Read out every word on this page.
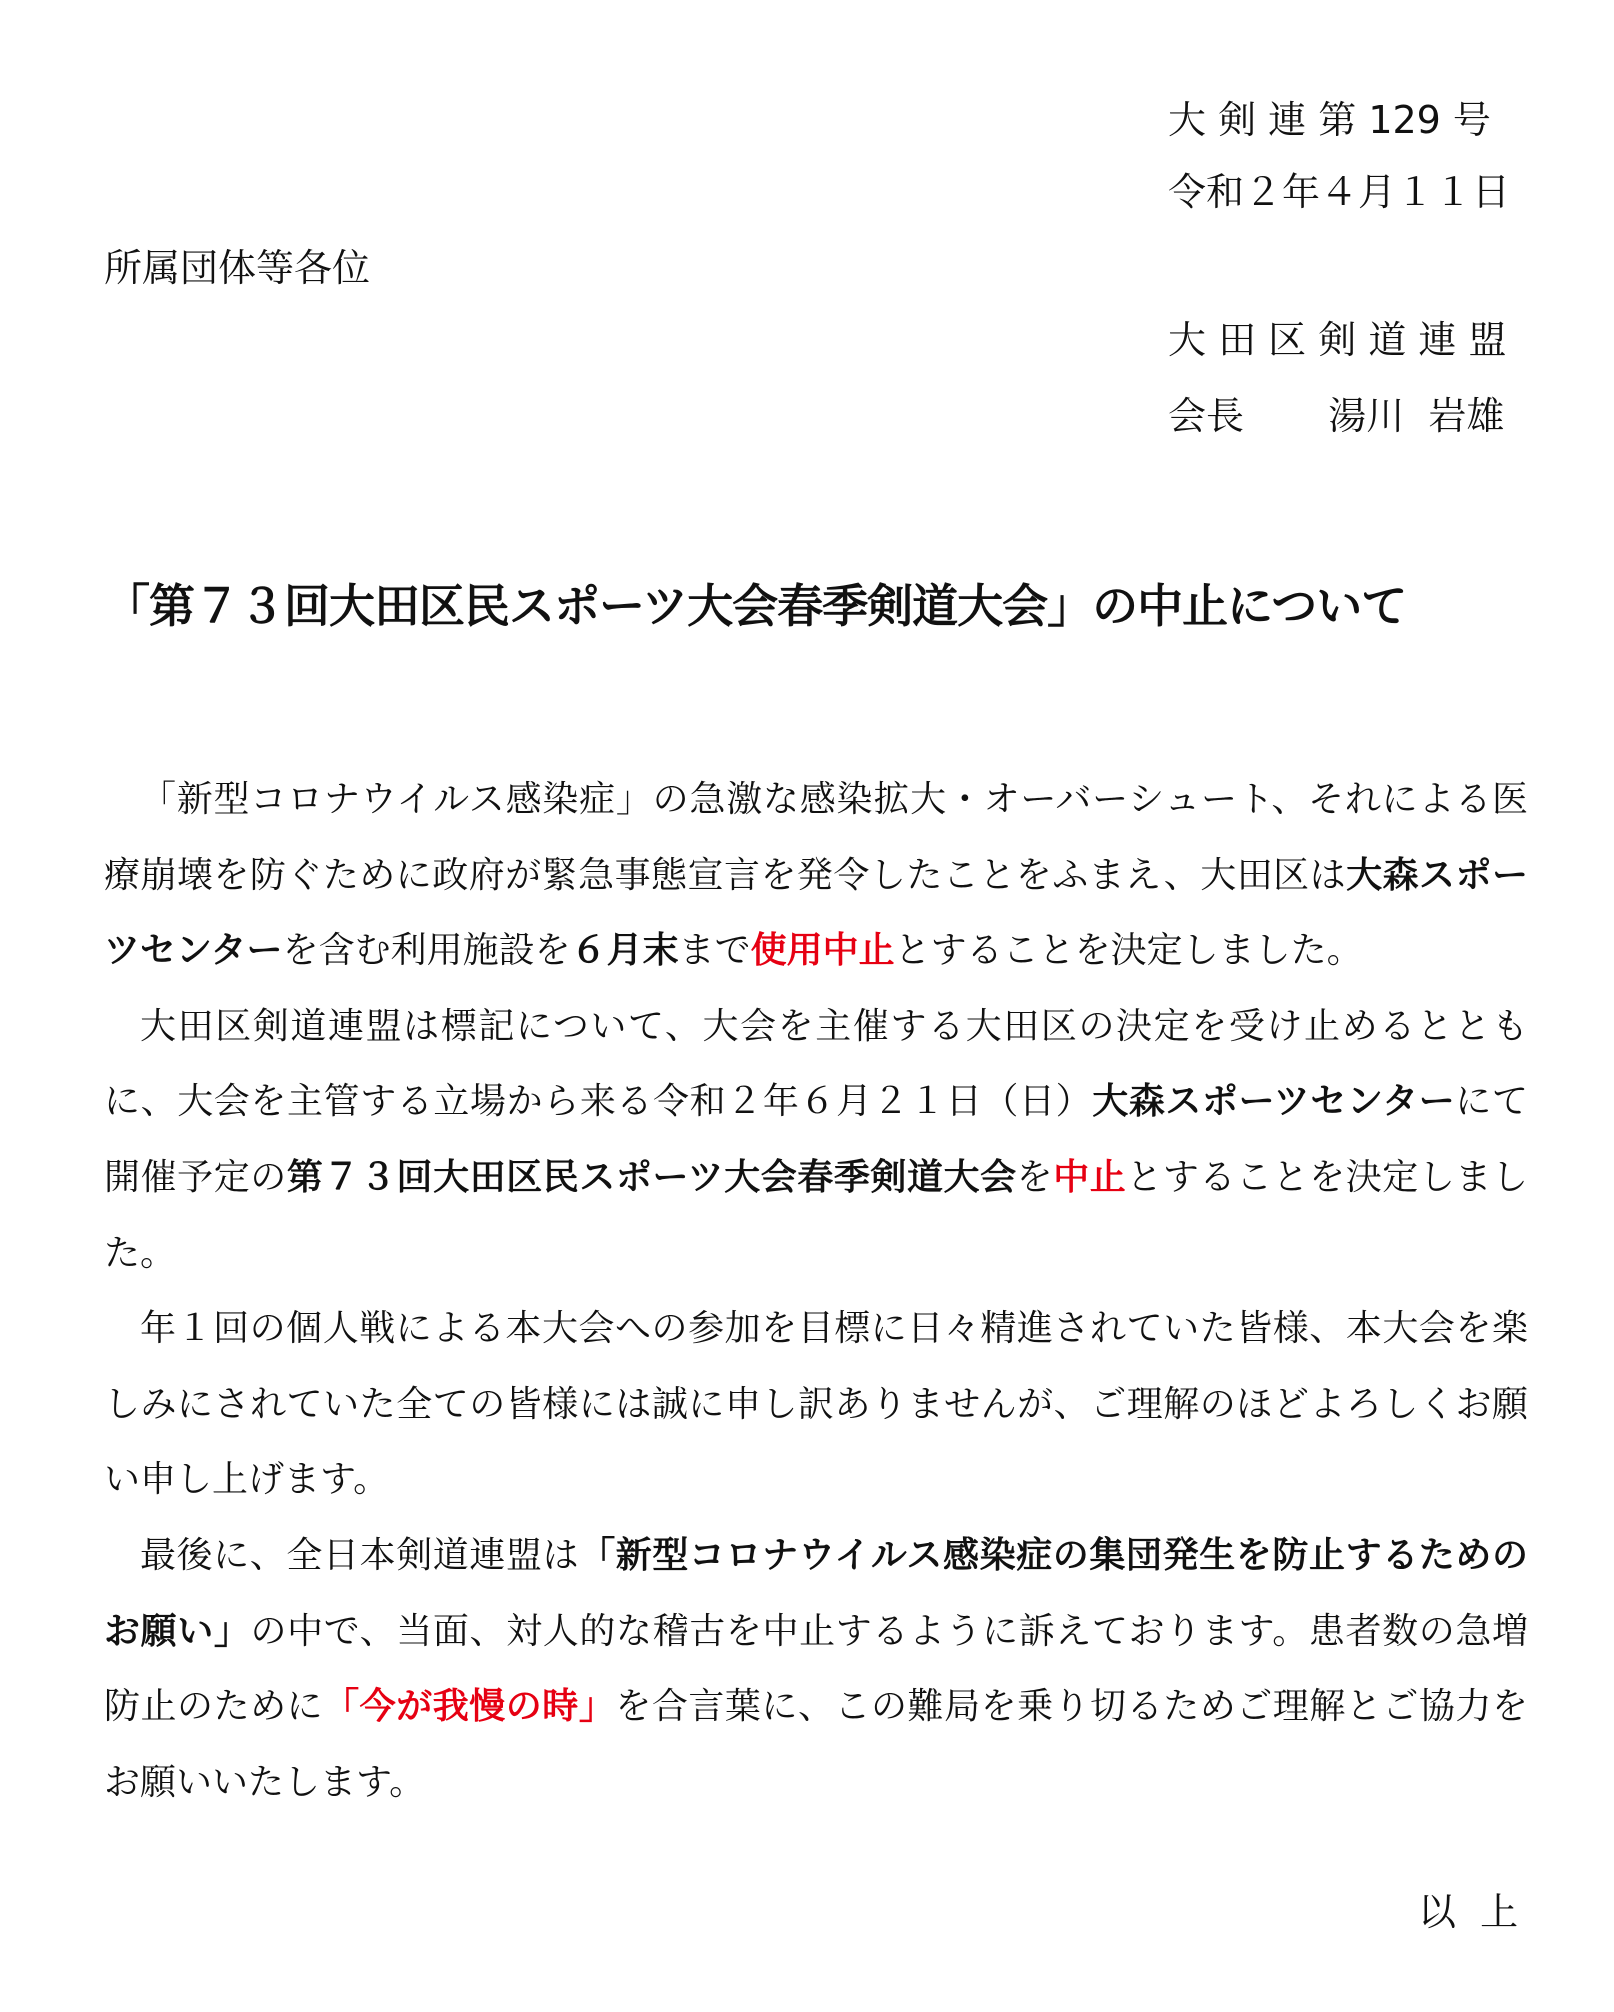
大 剣 連 第 129 号
令和２年４月１１日
所属団体等各位
大 田 区 剣 道 連 盟
会長 湯川  岩雄
「第７３回大田区民スポーツ大会春季剣道大会」の中止について

「新型コロナウイルス感染症」の急激な感染拡大・オーバーシュート、それによる医療崩壊を防ぐために政府が緊急事態宣言を発令したことをふまえ、大田区は大森スポーツセンターを含む利用施設を６月末まで使用中止とすることを決定しました。

大田区剣道連盟は標記について、大会を主催する大田区の決定を受け止めるとともに、大会を主管する立場から来る令和２年６月２１日（日）大森スポーツセンターにて開催予定の第７３回大田区民スポーツ大会春季剣道大会を中止とすることを決定しました。

年１回の個人戦による本大会への参加を目標に日々精進されていた皆様、本大会を楽しみにされていた全ての皆様には誠に申し訳ありませんが、ご理解のほどよろしくお願い申し上げます。

最後に、全日本剣道連盟は「新型コロナウイルス感染症の集団発生を防止するためのお願い」の中で、当面、対人的な稽古を中止するように訴えております。患者数の急増防止のために「今が我慢の時」を合言葉に、この難局を乗り切るためご理解とご協力をお願いいたします。

以  上
